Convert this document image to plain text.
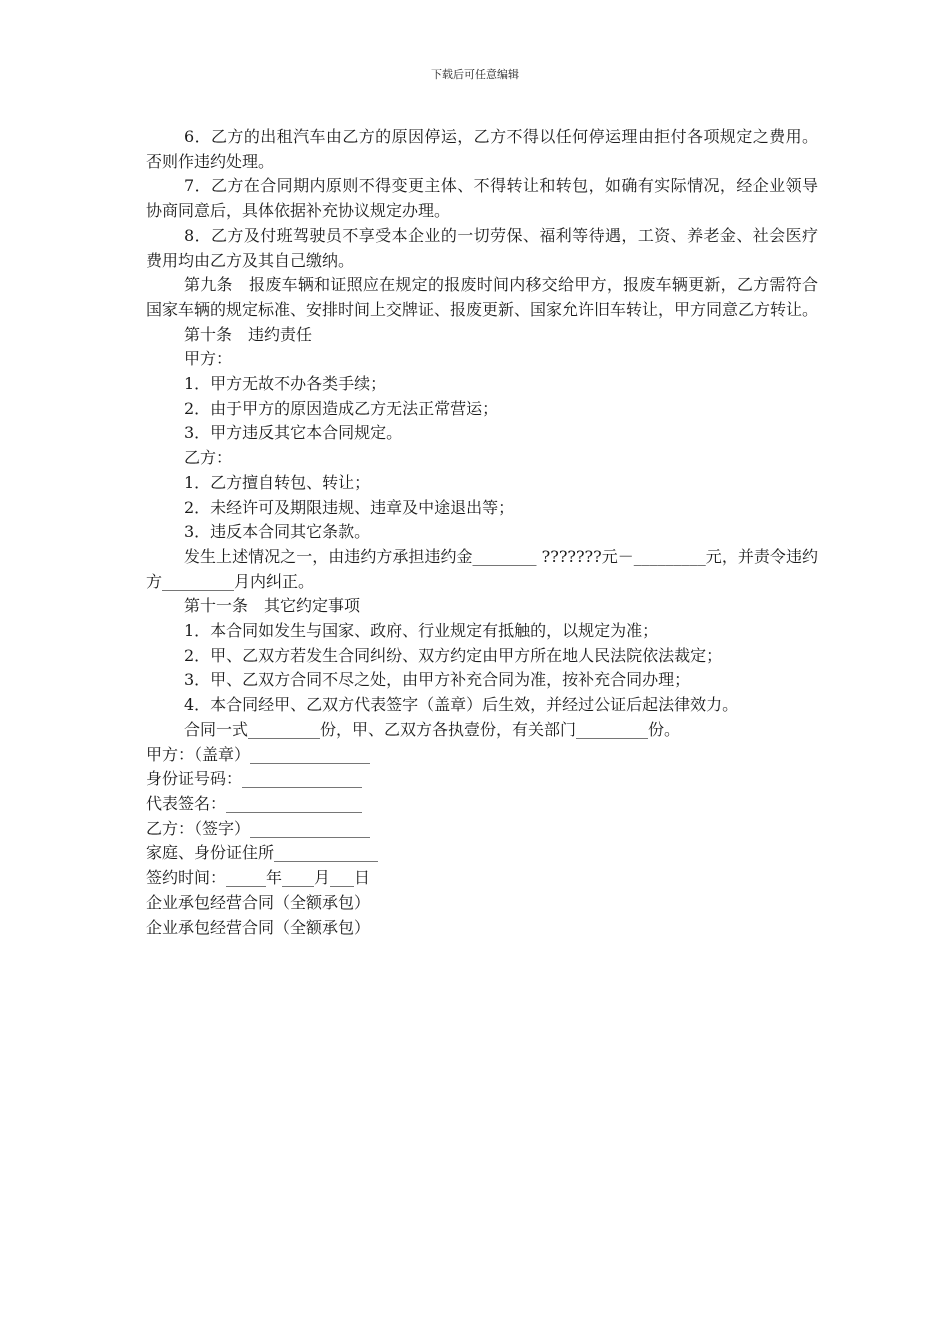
下载后可任意编辑

6．乙方的出租汽车由乙方的原因停运，乙方不得以任何停运理由拒付各项规定之费用。否则作违约处理。

7．乙方在合同期内原则不得变更主体、不得转让和转包，如确有实际情况，经企业领导协商同意后，具体依据补充协议规定办理。

8．乙方及付班驾驶员不享受本企业的一切劳保、福利等待遇，工资、养老金、社会医疗费用均由乙方及其自己缴纳。

第九条　报废车辆和证照应在规定的报废时间内移交给甲方，报废车辆更新，乙方需符合国家车辆的规定标准、安排时间上交牌证、报废更新、国家允许旧车转让，甲方同意乙方转让。

第十条　违约责任

甲方：

1．甲方无故不办各类手续；

2．由于甲方的原因造成乙方无法正常营运；

3．甲方违反其它本合同规定。

乙方：

1．乙方擅自转包、转让；

2．未经许可及期限违规、违章及中途退出等；

3．违反本合同其它条款。

发生上述情况之一，由违约方承担违约金________ ???????元－_________元，并责令违约方_________月内纠正。

第十一条　其它约定事项

1．本合同如发生与国家、政府、行业规定有抵触的，以规定为准；

2．甲、乙双方若发生合同纠纷、双方约定由甲方所在地人民法院依法裁定；

3．甲、乙双方合同不尽之处，由甲方补充合同为准，按补充合同办理；

4．本合同经甲、乙双方代表签字（盖章）后生效，并经过公证后起法律效力。

合同一式_________份，甲、乙双方各执壹份，有关部门_________份。

甲方：（盖章）_______________

身份证号码：_______________

代表签名：_________________

乙方：（签字）_______________

家庭、身份证住所_____________

签约时间：_____年____月___日

企业承包经营合同（全额承包）

企业承包经营合同（全额承包）
